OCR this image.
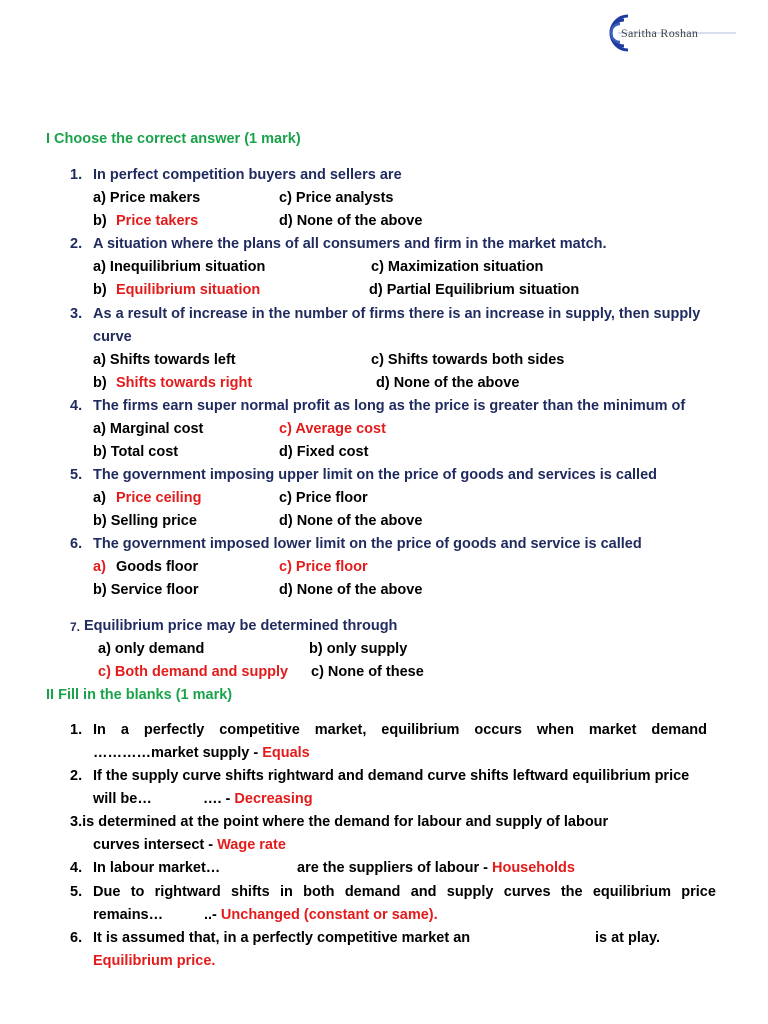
Saritha Roshan
I Choose the correct answer (1 mark)
1. In perfect competition buyers and sellers are
a) Price makers	c) Price analysts
b) Price takers	d) None of the above
2. A situation where the plans of all consumers and firm in the market match.
a) Inequilibrium situation	c) Maximization situation
b) Equilibrium situation	d) Partial Equilibrium situation
3. As a result of increase in the number of firms there is an increase in supply, then supply
curve
a) Shifts towards left	c) Shifts towards both sides
b) Shifts towards right	d) None of the above
4. The firms earn super normal profit as long as the price is greater than the minimum of
a) Marginal cost	c) Average cost
b) Total cost	d) Fixed cost
5. The government imposing upper limit on the price of goods and services is called
a) Price ceiling	c) Price floor
b) Selling price	d) None of the above
6. The government imposed lower limit on the price of goods and service is called
a) Goods floor	c) Price floor
b) Service floor	d) None of the above
7. Equilibrium price may be determined through
a) only demand	b) only supply
c) Both demand and supply c) None of these
II Fill in the blanks (1 mark)
1. In a perfectly competitive market, equilibrium occurs when market demand
…………market supply - Equals
2. If the supply curve shifts rightward and demand curve shifts leftward equilibrium price
will be…	…. - Decreasing
3.is determined at the point where the demand for labour and supply of labour
curves intersect - Wage rate
4. In labour market…	are the suppliers of labour - Households
5. Due to rightward shifts in both demand and supply curves the equilibrium price
remains…	..- Unchanged (constant or same).
6. It is assumed that, in a perfectly competitive market an	is at play.
Equilibrium price.
